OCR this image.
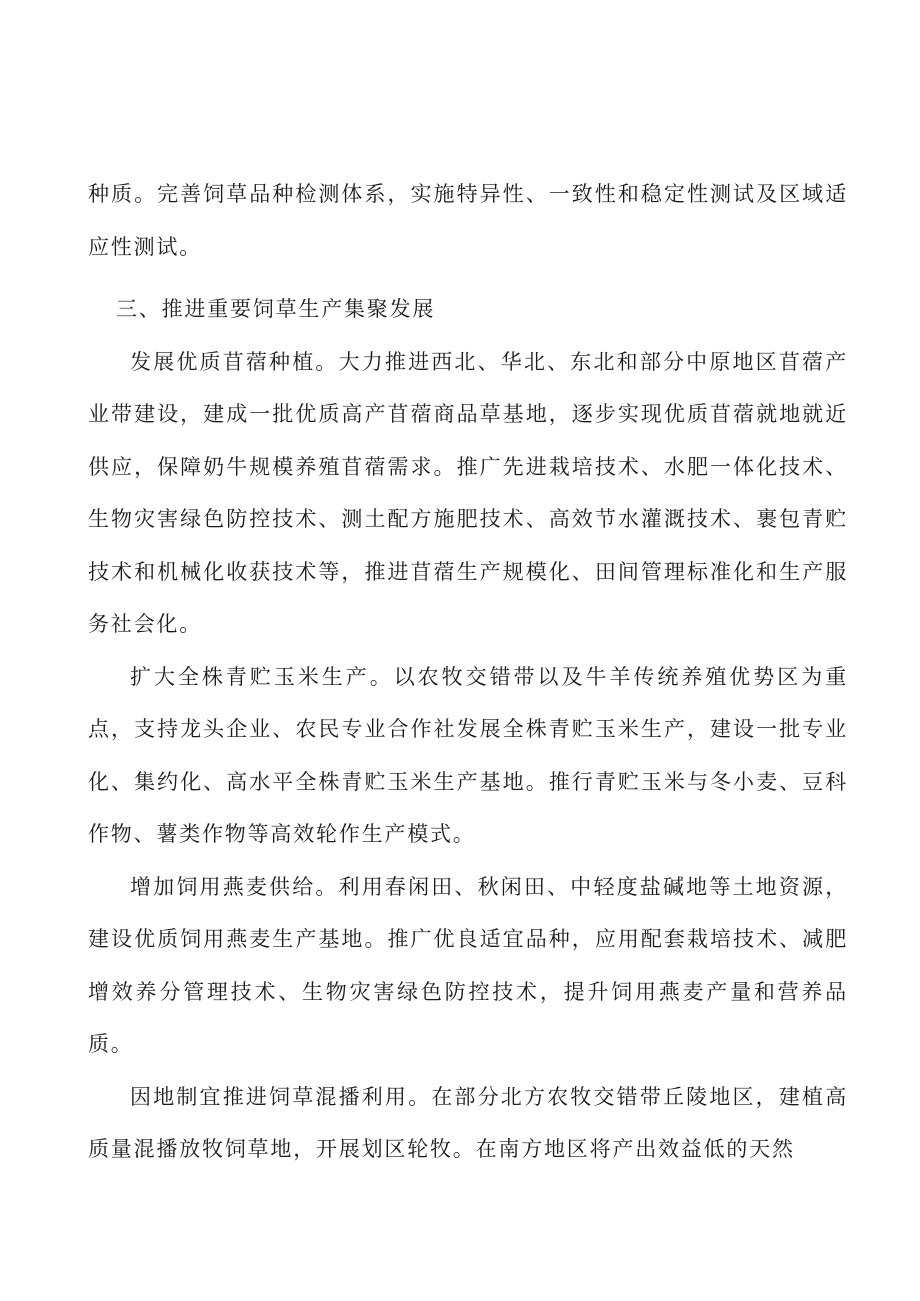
种质。完善饲草品种检测体系，实施特异性、一致性和稳定性测试及区域适应性测试。

三、推进重要饲草生产集聚发展

发展优质苜蓿种植。大力推进西北、华北、东北和部分中原地区苜蓿产业带建设，建成一批优质高产苜蓿商品草基地，逐步实现优质苜蓿就地就近供应，保障奶牛规模养殖苜蓿需求。推广先进栽培技术、水肥一体化技术、生物灾害绿色防控技术、测土配方施肥技术、高效节水灌溉技术、裹包青贮技术和机械化收获技术等，推进苜蓿生产规模化、田间管理标准化和生产服务社会化。

扩大全株青贮玉米生产。以农牧交错带以及牛羊传统养殖优势区为重点，支持龙头企业、农民专业合作社发展全株青贮玉米生产，建设一批专业化、集约化、高水平全株青贮玉米生产基地。推行青贮玉米与冬小麦、豆科作物、薯类作物等高效轮作生产模式。

增加饲用燕麦供给。利用春闲田、秋闲田、中轻度盐碱地等土地资源，建设优质饲用燕麦生产基地。推广优良适宜品种，应用配套栽培技术、减肥增效养分管理技术、生物灾害绿色防控技术，提升饲用燕麦产量和营养品质。

因地制宜推进饲草混播利用。在部分北方农牧交错带丘陵地区，建植高质量混播放牧饲草地，开展划区轮牧。在南方地区将产出效益低的天然
